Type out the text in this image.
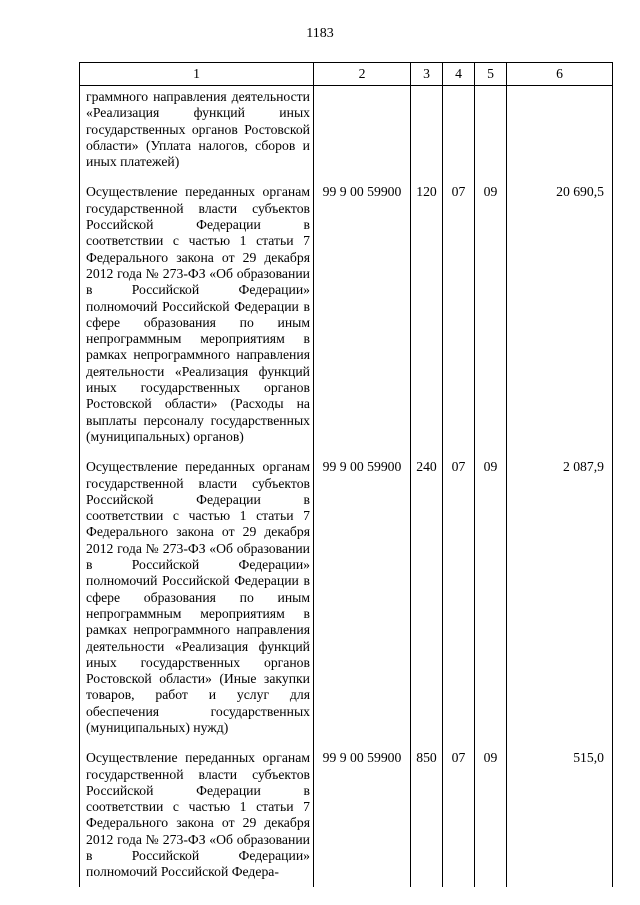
1183
1	2	3	4	5	6
граммного направления деятельности «Реализация функций иных государственных органов Ростовской области» (Уплата налогов, сборов и иных платежей)					
Осуществление переданных органам государственной власти субъектов Российской Федерации в соответствии с частью 1 статьи 7 Федерального закона от 29 декабря 2012 года № 273-ФЗ «Об образовании в Российской Федерации» полномочий Российской Федерации в сфере образования по иным непрограммным мероприятиям в рамках непрограммного направления деятельности «Реализация функций иных государственных органов Ростовской области» (Расходы на выплаты персоналу государственных (муниципальных) органов)	99 9 00 59900	120	07	09	20 690,5
Осуществление переданных органам государственной власти субъектов Российской Федерации в соответствии с частью 1 статьи 7 Федерального закона от 29 декабря 2012 года № 273-ФЗ «Об образовании в Российской Федерации» полномочий Российской Федерации в сфере образования по иным непрограммным мероприятиям в рамках непрограммного направления деятельности «Реализация функций иных государственных органов Ростовской области» (Иные закупки товаров, работ и услуг для обеспечения государственных (муниципальных) нужд)	99 9 00 59900	240	07	09	2 087,9
Осуществление переданных органам государственной власти субъектов Российской Федерации в соответствии с частью 1 статьи 7 Федерального закона от 29 декабря 2012 года № 273-ФЗ «Об образовании в Российской Федерации» полномочий Российской Федера-	99 9 00 59900	850	07	09	515,0
